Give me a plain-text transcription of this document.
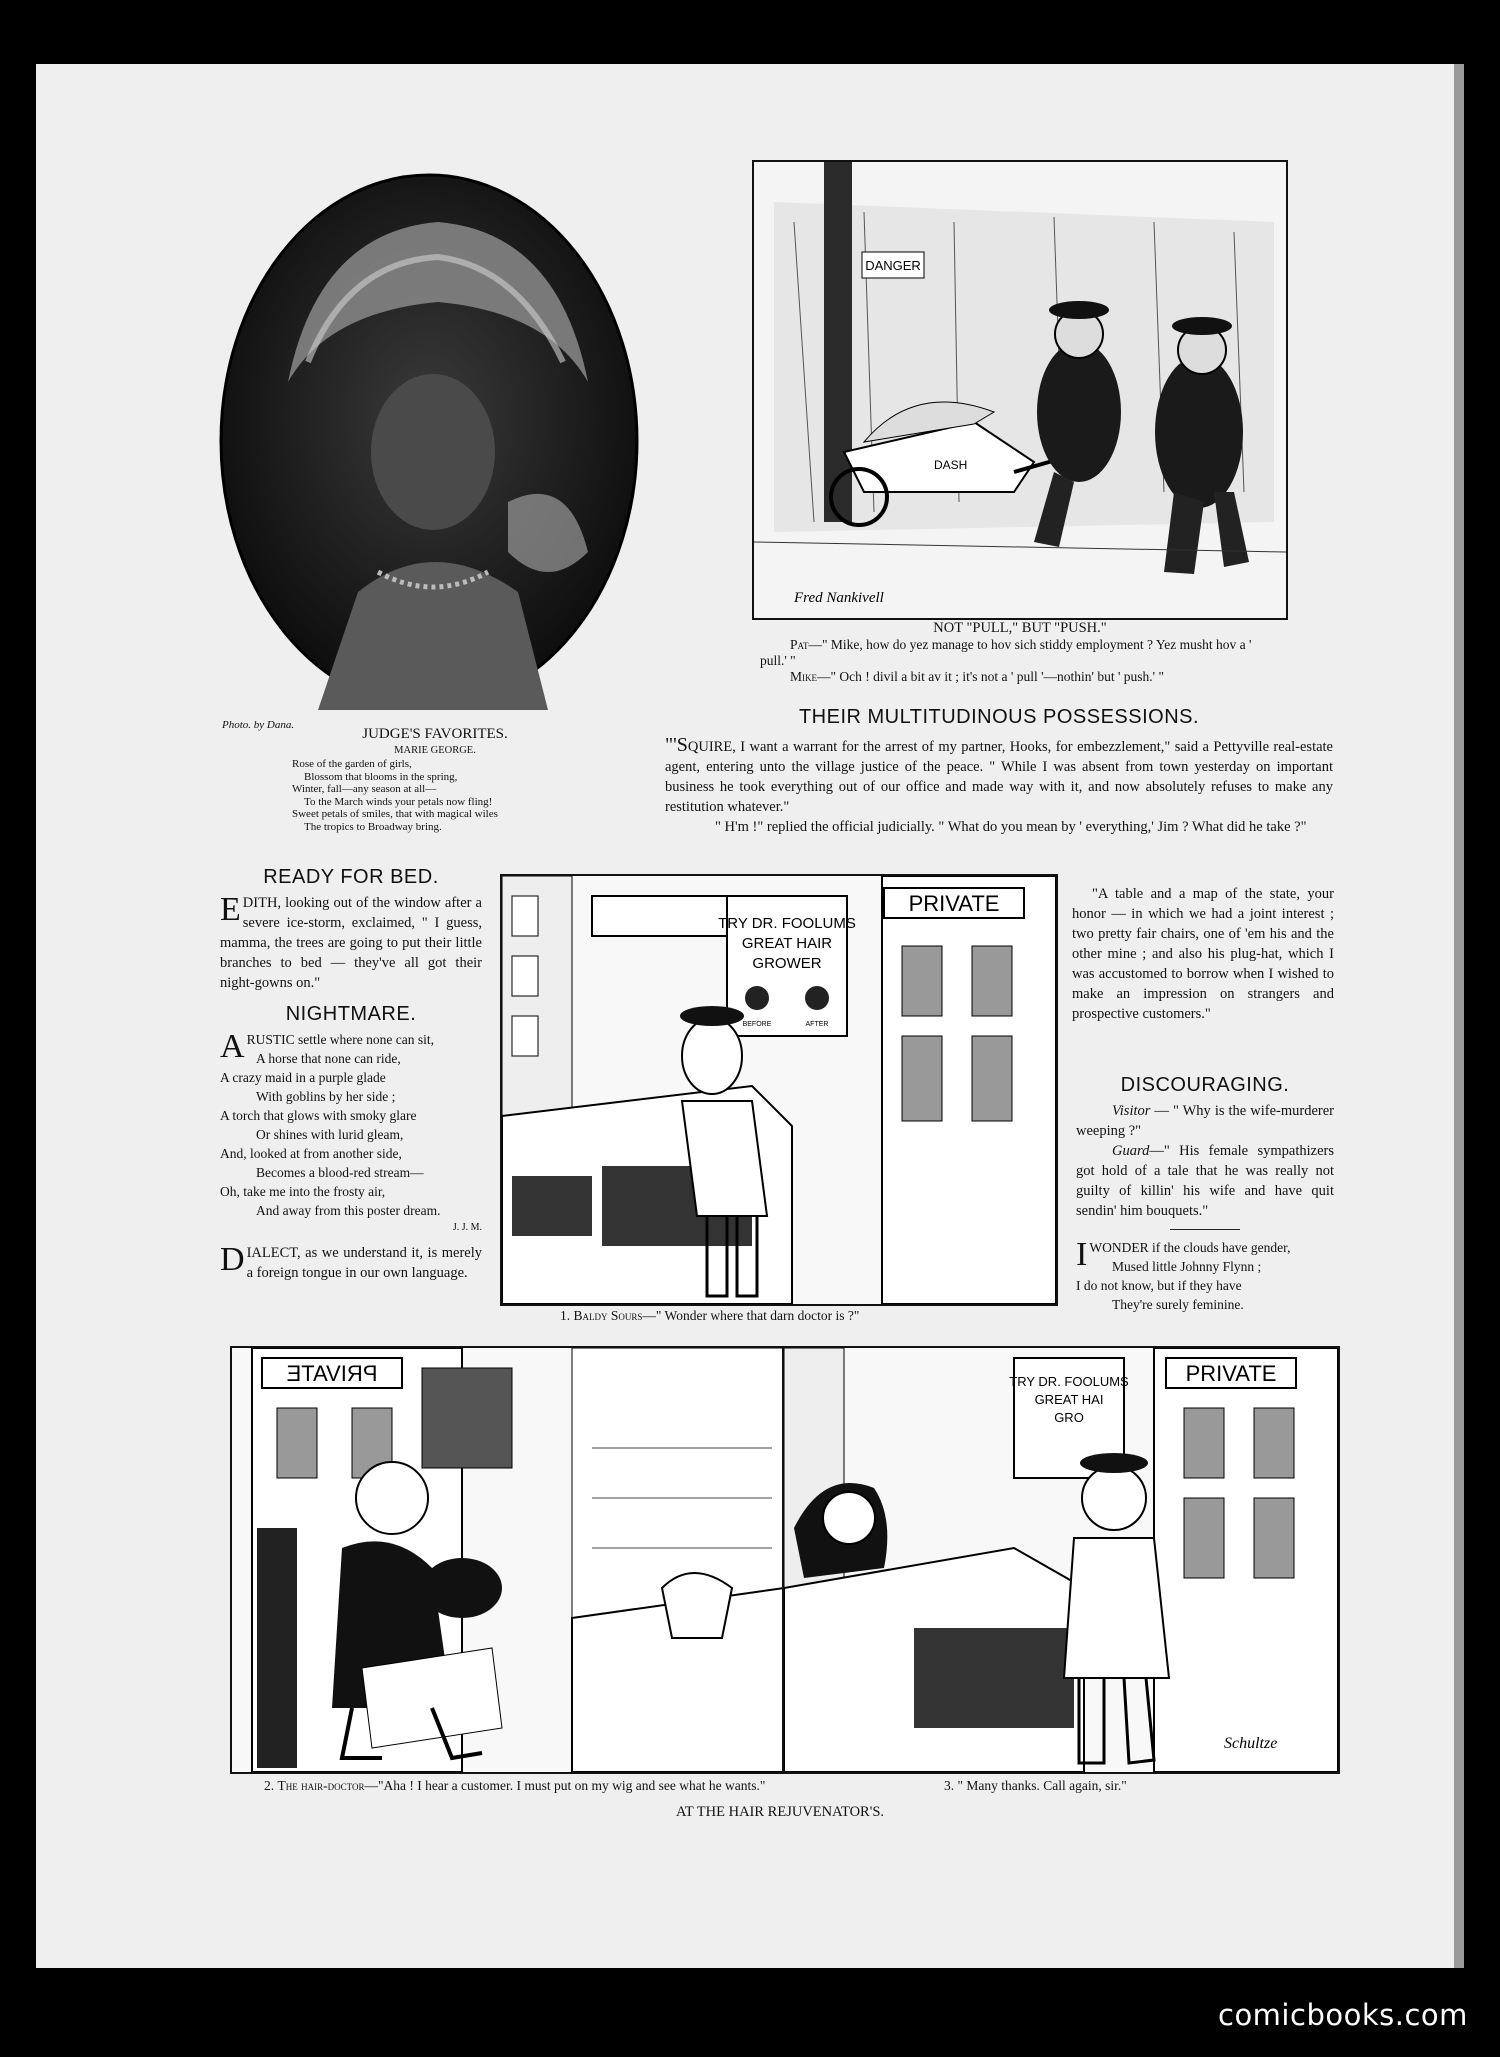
Photo. by Dana.
JUDGE'S FAVORITES.
MARIE GEORGE.
Rose of the garden of girls,
Blossom that blooms in the spring,
Winter, fall—any season at all—
To the March winds your petals now fling!
Sweet petals of smiles, that with magical wiles
The tropics to Broadway bring.
DANGER
DASH
Fred Nankivell
NOT "PULL," BUT "PUSH."
Pat—" Mike, how do yez manage to hov sich stiddy employment ? Yez musht hov a ' pull.' "
Mike—" Och ! divil a bit av it ; it's not a ' pull '—nothin' but ' push.' "
THEIR MULTITUDINOUS POSSESSIONS.

"'SQUIRE, I want a warrant for the arrest of my partner, Hooks, for embezzlement," said a Pettyville real-estate agent, entering unto the village justice of the peace. " While I was absent from town yesterday on important business he took everything out of our office and made way with it, and now absolutely refuses to make any restitution whatever."

" H'm !" replied the official judicially. " What do you mean by ' everything,' Jim ? What did he take ?"

"A table and a map of the state, your honor — in which we had a joint interest ; two pretty fair chairs, one of 'em his and the other mine ; and also his plug-hat, which I was accustomed to borrow when I wished to make an impression on strangers and prospective customers."

READY FOR BED.

EDITH, looking out of the window after a severe ice-storm, exclaimed, " I guess, mamma, the trees are going to put their little branches to bed — they've all got their night-gowns on."

NIGHTMARE.
A RUSTIC settle where none can sit,
A horse that none can ride,
A crazy maid in a purple glade
With goblins by her side ;
A torch that glows with smoky glare
Or shines with lurid gleam,
And, looked at from another side,
Becomes a blood-red stream—
Oh, take me into the frosty air,
And away from this poster dream.
J. J. M.

DIALECT, as we understand it, is merely a foreign tongue in our own language.

TRY DR. FOOLUMS
GREAT HAIR
GROWER
BEFORE	AFTER
PRIVATE
1. Baldy Sours—" Wonder where that darn doctor is ?"
DISCOURAGING.

Visitor — " Why is the wife-murderer weeping ?"

Guard—" His female sympathizers got hold of a tale that he was really not guilty of killin' his wife and have quit sendin' him bouquets."

I WONDER if the clouds have gender,
Mused little Johnny Flynn ;
I do not know, but if they have
They're surely feminine.
PRIVATE	TRY DR. FOOLUMS
GREAT HAI
GRO
PRIVATE
Schultze
2. The hair-doctor—"Aha ! I hear a customer. I must put on my wig and see what he wants."	3. " Many thanks. Call again, sir."
AT THE HAIR REJUVENATOR'S.
comicbooks.com
